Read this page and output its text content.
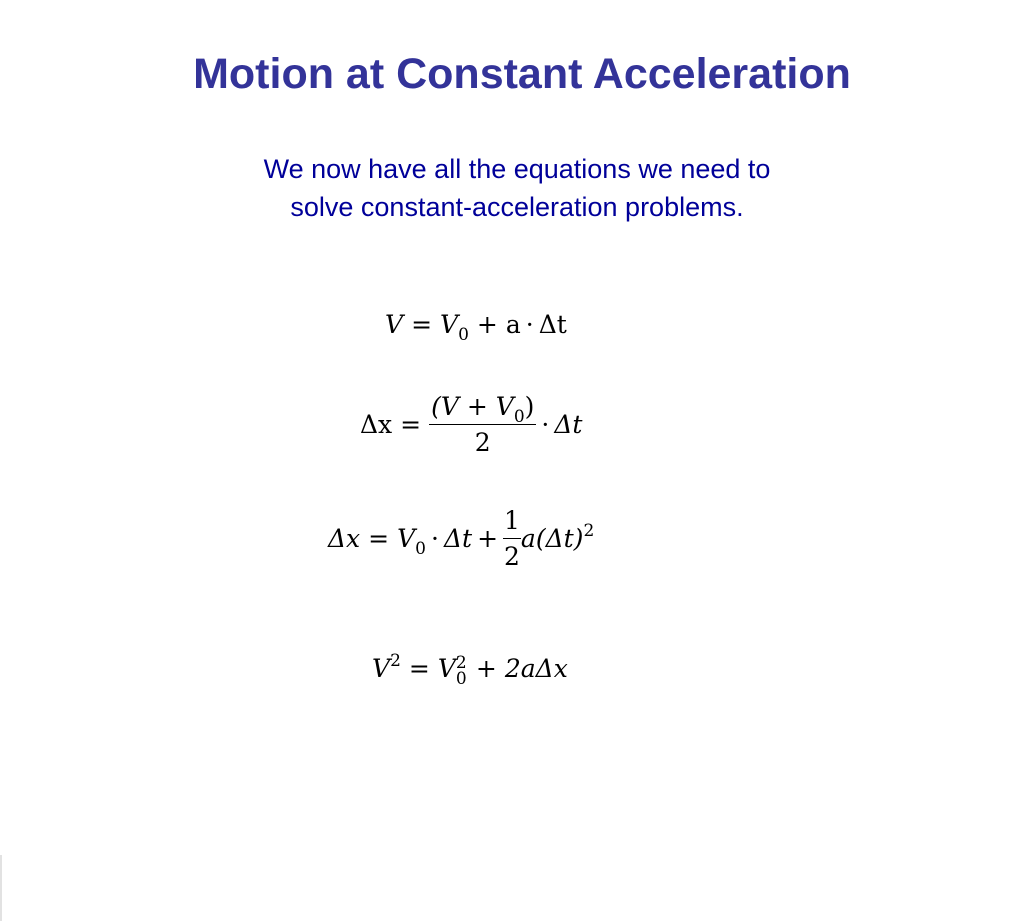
Motion at Constant Acceleration
We now have all the equations we need to
solve constant-acceleration problems.
$V = V_0 + a \cdot \Delta t$
$\Delta x = \frac{(V + V_0)}{2} \cdot \Delta t$
$\Delta x = V_0 \cdot \Delta t + \frac{1}{2} a(\Delta t)^2$
$V^2 = V$ 2
0 + 2aΔx
